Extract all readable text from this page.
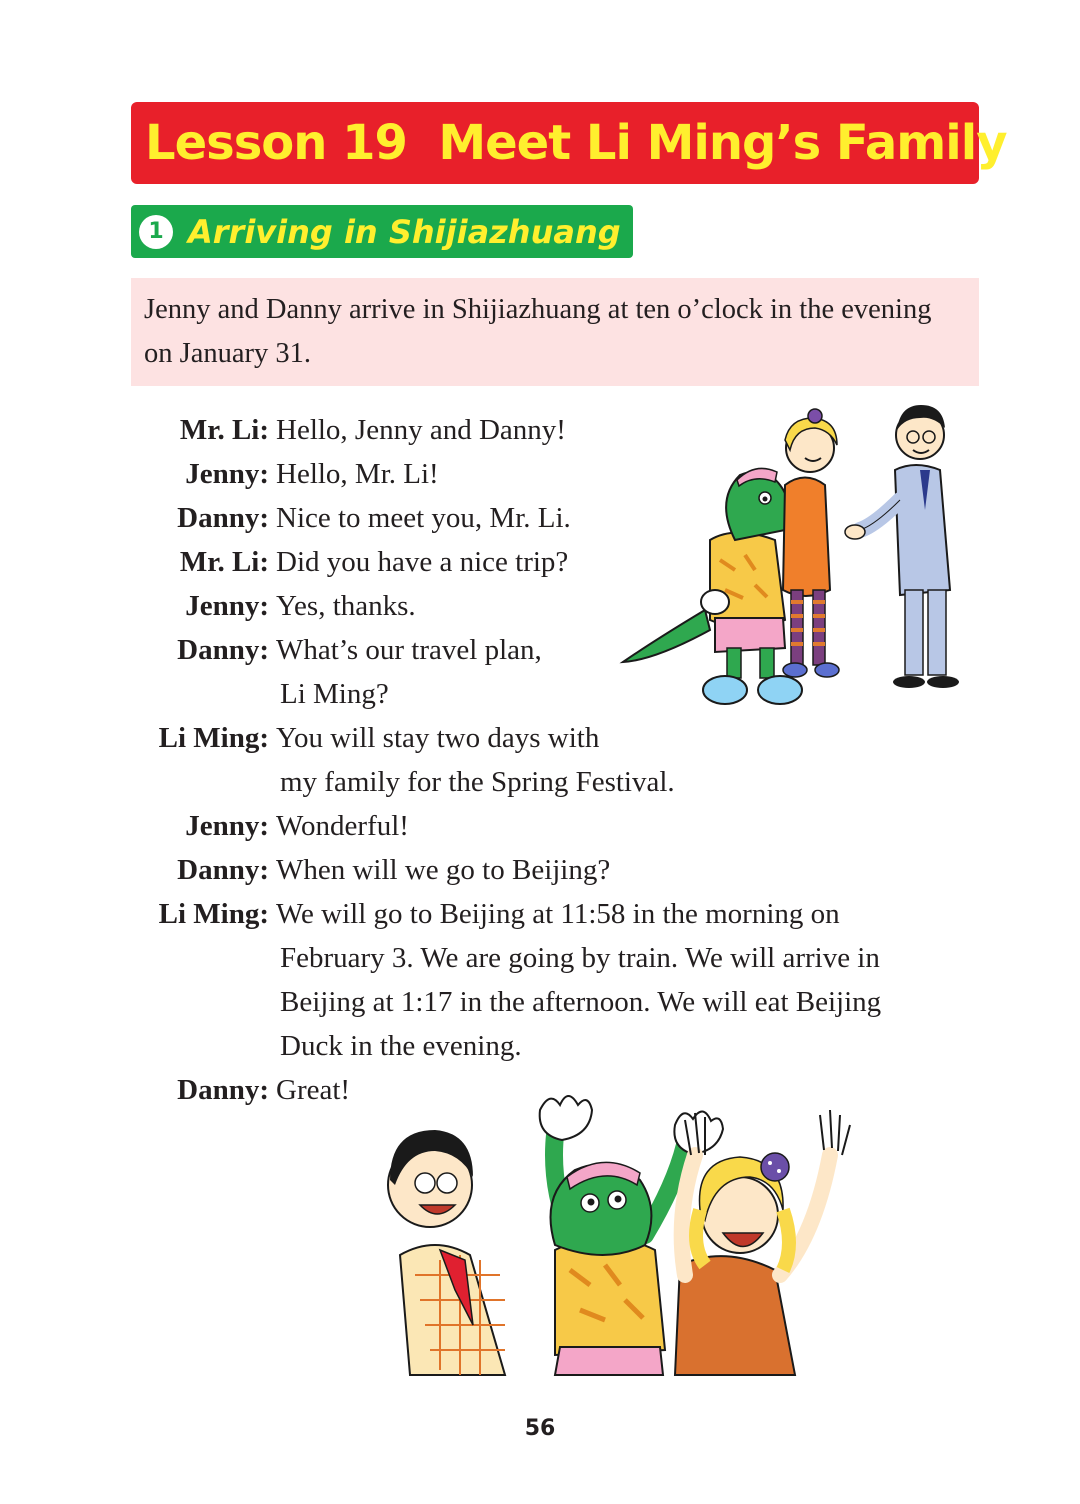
Lesson 19  Meet Li Ming’s Family
1 Arriving in Shijiazhuang
Jenny and Danny arrive in Shijiazhuang at ten o’clock in the evening on January 31.
Mr. Li: Hello, Jenny and Danny!
Jenny: Hello, Mr. Li!
Danny: Nice to meet you, Mr. Li.
Mr. Li: Did you have a nice trip?
Jenny: Yes, thanks.
Danny: What’s our travel plan,
Li Ming?
Li Ming: You will stay two days with
my family for the Spring Festival.
Jenny: Wonderful!
Danny: When will we go to Beijing?
Li Ming: We will go to Beijing at 11:58 in the morning on
February 3. We are going by train. We will arrive in
Beijing at 1:17 in the afternoon. We will eat Beijing
Duck in the evening.
Danny: Great!
56
